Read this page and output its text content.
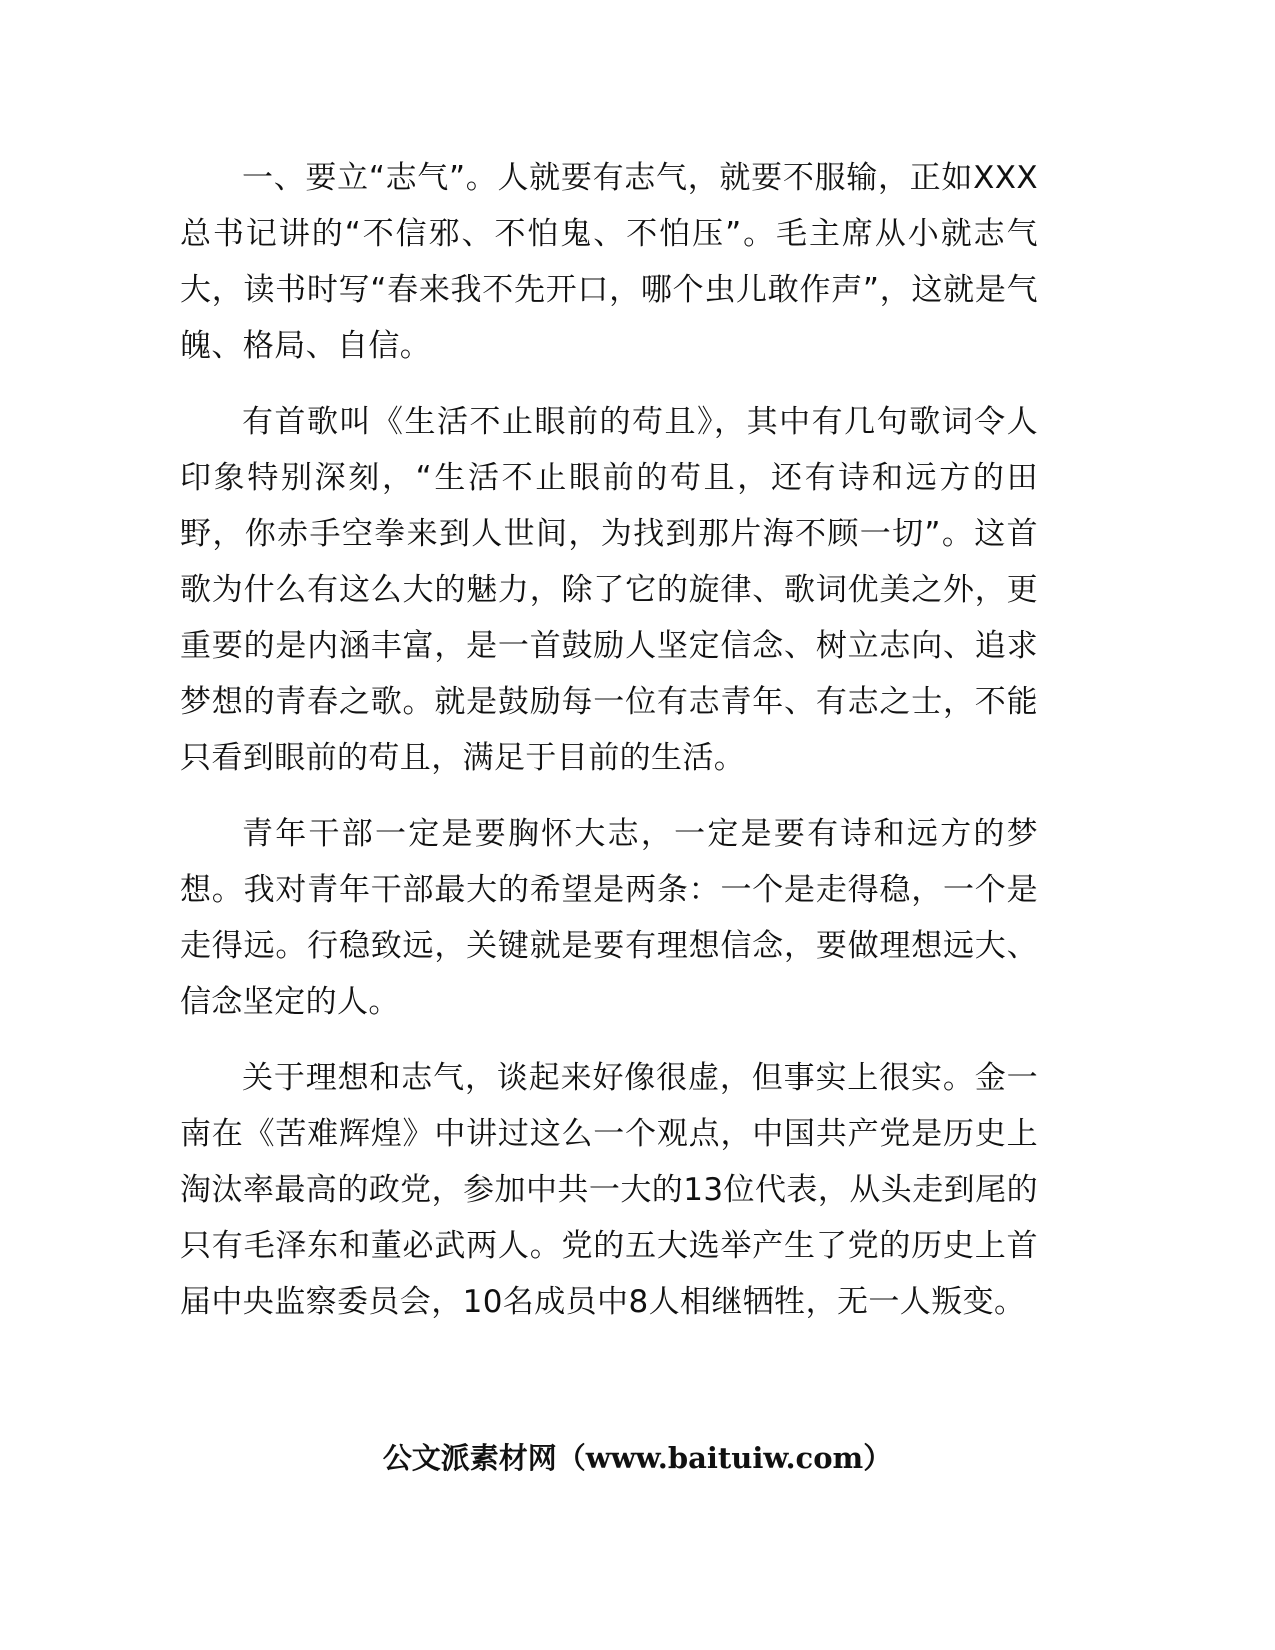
一、要立“志气”。人就要有志气，就要不服输，正如XXX总书记讲的“不信邪、不怕鬼、不怕压”。毛主席从小就志气大，读书时写“春来我不先开口，哪个虫儿敢作声”，这就是气魄、格局、自信。

有首歌叫《生活不止眼前的苟且》，其中有几句歌词令人印象特别深刻，“生活不止眼前的苟且，还有诗和远方的田野，你赤手空拳来到人世间，为找到那片海不顾一切”。这首歌为什么有这么大的魅力，除了它的旋律、歌词优美之外，更重要的是内涵丰富，是一首鼓励人坚定信念、树立志向、追求梦想的青春之歌。就是鼓励每一位有志青年、有志之士，不能只看到眼前的苟且，满足于目前的生活。

青年干部一定是要胸怀大志，一定是要有诗和远方的梦想。我对青年干部最大的希望是两条：一个是走得稳，一个是走得远。行稳致远，关键就是要有理想信念，要做理想远大、信念坚定的人。

关于理想和志气，谈起来好像很虚，但事实上很实。金一南在《苦难辉煌》中讲过这么一个观点，中国共产党是历史上淘汰率最高的政党，参加中共一大的13位代表，从头走到尾的只有毛泽东和董必武两人。党的五大选举产生了党的历史上首届中央监察委员会，10名成员中8人相继牺牲，无一人叛变。

公文派素材网（www.baituiw.com）
